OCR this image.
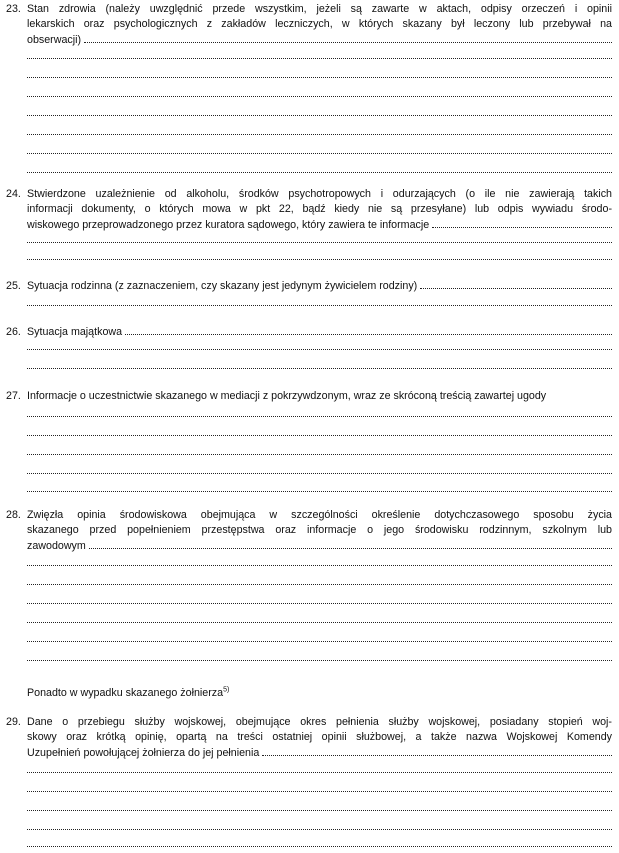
23. Stan zdrowia (należy uwzględnić przede wszystkim, jeżeli są zawarte w aktach, odpisy orzeczeń i opinii
lekarskich oraz psychologicznych z zakładów leczniczych, w których skazany był leczony lub przebywał na
obserwacji)
24. Stwierdzone uzależnienie od alkoholu, środków psychotropowych i odurzających (o ile nie zawierają takich
informacji dokumenty, o których mowa w pkt 22, bądź kiedy nie są przesyłane) lub odpis wywiadu środo-
wiskowego przeprowadzonego przez kuratora sądowego, który zawiera te informacje
25. Sytuacja rodzinna (z zaznaczeniem, czy skazany jest jedynym żywicielem rodziny)
26. Sytuacja majątkowa
27. Informacje o uczestnictwie skazanego w mediacji z pokrzywdzonym, wraz ze skróconą treścią zawartej ugody
28. Zwięzła opinia środowiskowa obejmująca w szczególności określenie dotychczasowego sposobu życia
skazanego przed popełnieniem przestępstwa oraz informacje o jego środowisku rodzinnym, szkolnym lub
zawodowym
Ponadto w wypadku skazanego żołnierza$^{5)}$
29. Dane o przebiegu służby wojskowej, obejmujące okres pełnienia służby wojskowej, posiadany stopień woj-
skowy oraz krótką opinię, opartą na treści ostatniej opinii służbowej, a także nazwa Wojskowej Komendy
Uzupełnień powołującej żołnierza do jej pełnienia
